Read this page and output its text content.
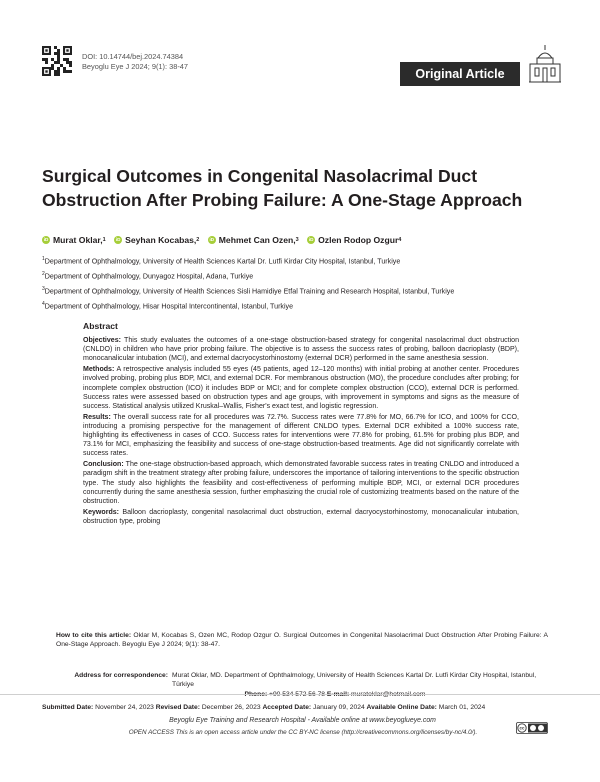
DOI: 10.14744/bej.2024.74384
Beyoglu Eye J 2024; 9(1): 38-47
Original Article
Surgical Outcomes in Congenital Nasolacrimal Duct Obstruction After Probing Failure: A One-Stage Approach
iD Murat Oklar, 1
	iD Seyhan Kocabas, 2
	iD Mehmet Can Ozen, 3
	iD Ozlen Rodop Ozgur 4
$^1$Department of Ophthalmology, University of Health Sciences Kartal Dr. Lutfi Kirdar City Hospital, Istanbul, Turkiye
$^2$Department of Ophthalmology, Dunyagoz Hospital, Adana, Turkiye
$^3$Department of Ophthalmology, University of Health Sciences Sisli Hamidiye Etfal Training and Research Hospital, Istanbul, Turkiye
$^4$Department of Ophthalmology, Hisar Hospital Intercontinental, Istanbul, Turkiye
Abstract

Objectives: This study evaluates the outcomes of a one-stage obstruction-based strategy for congenital nasolacrimal duct obstruction (CNLDO) in children who have prior probing failure. The objective is to assess the success rates of probing, balloon dacrioplasty (BDP), monocanalicular intubation (MCI), and external dacryocystorhinostomy (external DCR) performed in the same anesthesia session.

Methods: A retrospective analysis included 55 eyes (45 patients, aged 12–120 months) with initial probing at another center. Procedures involved probing, probing plus BDP, MCI, and external DCR. For membranous obstruction (MO), the procedure concludes after probing; for incomplete complex obstruction (ICO) it includes BDP or MCI; and for complete complex obstruction (CCO), external DCR is performed. Success rates were assessed based on obstruction types and age groups, with improvement in symptoms and signs as the measure of success. Statistical analysis utilized Kruskal–Wallis, Fisher's exact test, and logistic regression.

Results: The overall success rate for all procedures was 72.7%. Success rates were 77.8% for MO, 66.7% for ICO, and 100% for CCO, introducing a promising perspective for the management of different CNLDO types. External DCR exhibited a 100% success rate, highlighting its effectiveness in cases of CCO. Success rates for interventions were 77.8% for probing, 61.5% for probing plus BDP, and 73.1% for MCI, emphasizing the feasibility and success of one-stage obstruction-based treatments. Age did not significantly correlate with success rates.

Conclusion: The one-stage obstruction-based approach, which demonstrated favorable success rates in treating CNLDO and introduced a paradigm shift in the treatment strategy after probing failure, underscores the importance of tailoring interventions to the specific obstruction type. The study also highlights the feasibility and cost-effectiveness of performing multiple BDP, MCI, or external DCR procedures concurrently during the same anesthesia session, further emphasizing the crucial role of customizing treatments based on the nature of the obstruction.

Keywords: Balloon dacrioplasty, congenital nasolacrimal duct obstruction, external dacryocystorhinostomy, monocanalicular intubation, obstruction type, probing

How to cite this article: Oklar M, Kocabas S, Ozen MC, Rodop Ozgur O. Surgical Outcomes in Congenital Nasolacrimal Duct Obstruction After Probing Failure: A One-Stage Approach. Beyoglu Eye J 2024; 9(1): 38-47.
Address for correspondence: Murat Oklar, MD. Department of Ophthalmology, University of Health Sciences Kartal Dr. Lutfi Kirdar City Hospital, Istanbul, Türkiye
Submitted Date: November 24, 2023 Revised Date: December 26, 2023 Accepted Date: January 09, 2024 Available Online Date: March 01, 2024
Beyoglu Eye Training and Research Hospital - Available online at www.beyoglueye.com
OPEN ACCESS This is an open access article under the CC BY-NC license (http://creativecommons.org/licenses/by-nc/4.0/).
cc
